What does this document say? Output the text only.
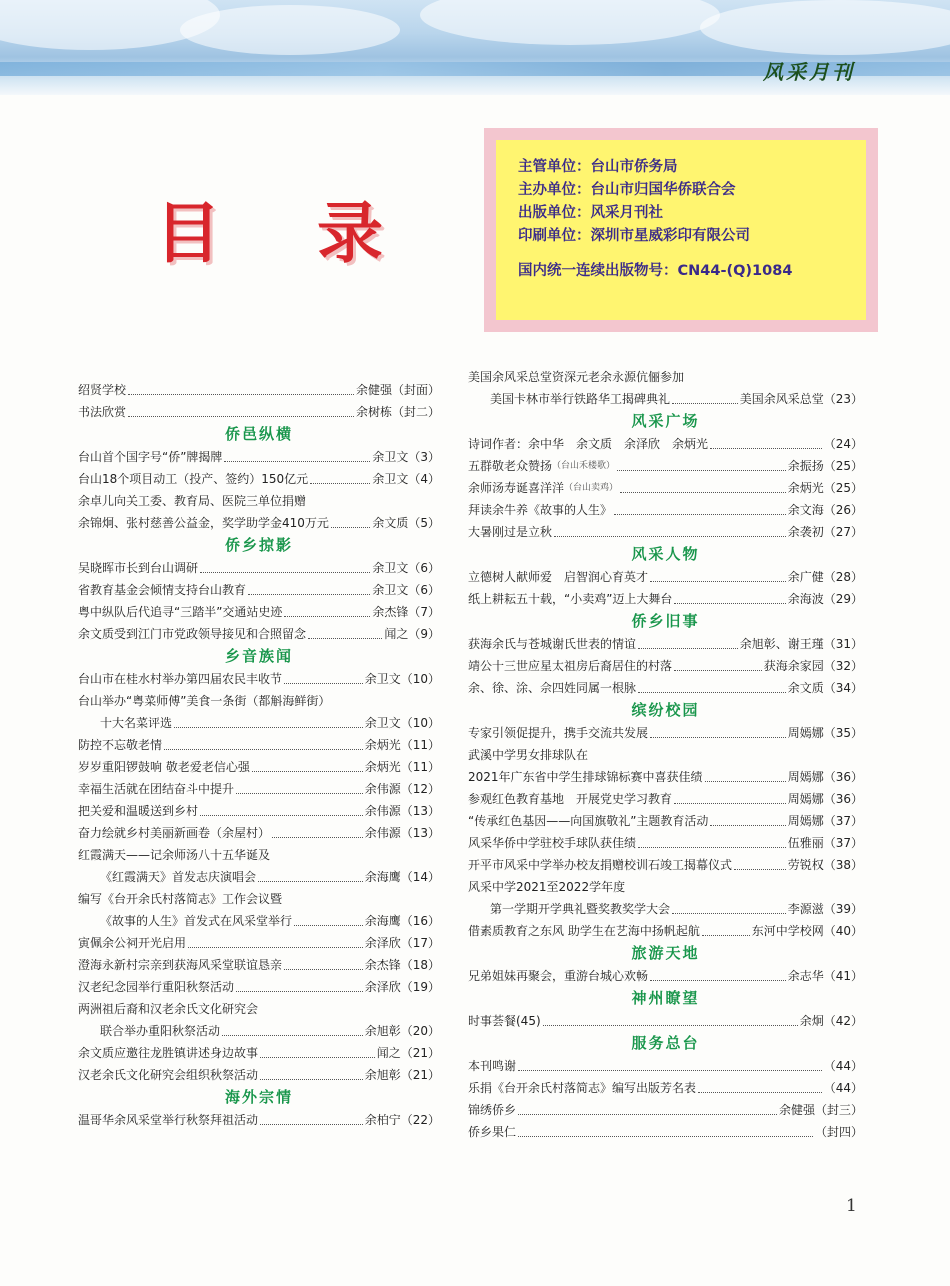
风采月刊
目录
主管单位：台山市侨务局
主办单位：台山市归国华侨联合会
出版单位：风采月刊社
印刷单位：深圳市星威彩印有限公司
国内统一连续出版物号：CN44-(Q)1084
绍贤学校	余健强（封面）
书法欣赏	余树栋（封二）
侨邑纵横
台山首个国字号“侨”牌揭牌	余卫文（3）
台山18个项目动工（投产、签约）150亿元	余卫文（4）
余卓儿向关工委、教育局、医院三单位捐赠
余锦炯、张村慈善公益金，奖学助学金410万元	余文质（5）
侨乡掠影
吴晓晖市长到台山调研	余卫文（6）
省教育基金会倾情支持台山教育	余卫文（6）
粤中纵队后代追寻“三踏半”交通站史迹	余杰锋（7）
余文质受到江门市党政领导接见和合照留念	闻之（9）
乡音族闻
台山市在桂水村举办第四届农民丰收节	余卫文（10）
台山举办“粤菜师傅”美食一条街（都斛海鲜街）
十大名菜评选	余卫文（10）
防控不忘敬老情	余炳光（11）
岁岁重阳锣鼓响 敬老爱老信心强	余炳光（11）
幸福生活就在团结奋斗中提升	余伟源（12）
把关爱和温暖送到乡村	余伟源（13）
奋力绘就乡村美丽新画卷（余屋村）	余伟源（13）
红霞满天——记余师汤八十五华诞及
《红霞满天》首发志庆演唱会	余海鹰（14）
编写《台开余氏村落简志》工作会议暨
《故事的人生》首发式在风采堂举行	余海鹰（16）
寅佩余公祠开光启用	余泽欣（17）
澄海永新村宗亲到获海风采堂联谊恳亲	余杰锋（18）
汉老纪念园举行重阳秋祭活动	余泽欣（19）
两洲祖后裔和汉老余氏文化研究会
联合举办重阳秋祭活动	余旭彰（20）
余文质应邀往龙胜镇讲述身边故事	闻之（21）
汉老余氏文化研究会组织秋祭活动	余旭彰（21）
海外宗情
温哥华余风采堂举行秋祭拜祖活动	余柏宁（22）
美国余风采总堂资深元老余永源伉俪参加
美国卡林市举行铁路华工揭碑典礼	美国余风采总堂（23）
风采广场
诗词作者：余中华　余文质　余泽欣　余炳光	（24）
五群敬老众赞扬 （台山禾楼歌）	余振扬（25）
余师汤寿诞喜洋洋 （台山卖鸡）	余炳光（25）
拜读余牛养《故事的人生》	余文海（26）
大暑刚过是立秋	余袭初（27）
风采人物
立德树人献师爱　启智润心育英才	余广健（28）
纸上耕耘五十载，“小卖鸡”迈上大舞台	余海波（29）
侨乡旧事
获海余氏与苍城谢氏世表的情谊	余旭彰、谢王瑾（31）
靖公十三世应星太祖房后裔居住的村落	获海余家园（32）
余、徐、涂、佘四姓同属一根脉	余文质（34）
缤纷校园
专家引领促提升，携手交流共发展	周嫣娜（35）
武溪中学男女排球队在
2021年广东省中学生排球锦标赛中喜获佳绩	周嫣娜（36）
参观红色教育基地　开展党史学习教育	周嫣娜（36）
“传承红色基因——向国旗敬礼”主题教育活动	周嫣娜（37）
风采华侨中学驻校手球队获佳绩	伍雅丽（37）
开平市风采中学举办校友捐赠校训石竣工揭幕仪式	劳锐权（38）
风采中学2021至2022学年度
第一学期开学典礼暨奖教奖学大会	李源滋（39）
借素质教育之东风 助学生在艺海中扬帆起航	东河中学校网（40）
旅游天地
兄弟姐妹再聚会，重游台城心欢畅	余志华（41）
神州瞭望
时事荟餐(45)	余炯（42）
服务总台
本刊鸣谢	（44）
乐捐《台开余氏村落简志》编写出版芳名表	（44）
锦绣侨乡	余健强（封三）
侨乡果仁	（封四）
1
